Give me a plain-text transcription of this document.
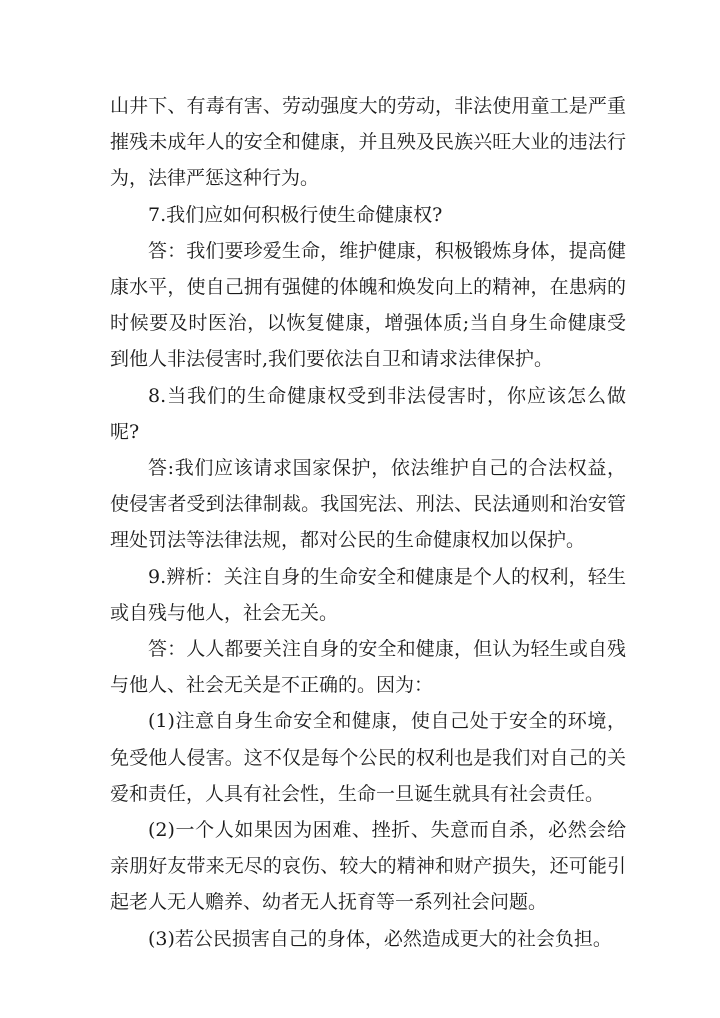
山井下、有毒有害、劳动强度大的劳动，非法使用童工是严重摧残未成年人的安全和健康，并且殃及民族兴旺大业的违法行为，法律严惩这种行为。

7.我们应如何积极行使生命健康权?

答：我们要珍爱生命，维护健康，积极锻炼身体，提高健康水平，使自己拥有强健的体魄和焕发向上的精神，在患病的时候要及时医治，以恢复健康，增强体质;当自身生命健康受到他人非法侵害时,我们要依法自卫和请求法律保护。

8.当我们的生命健康权受到非法侵害时，你应该怎么做呢?

答:我们应该请求国家保护，依法维护自己的合法权益，使侵害者受到法律制裁。我国宪法、刑法、民法通则和治安管理处罚法等法律法规，都对公民的生命健康权加以保护。

9.辨析：关注自身的生命安全和健康是个人的权利，轻生或自残与他人，社会无关。

答：人人都要关注自身的安全和健康，但认为轻生或自残与他人、社会无关是不正确的。因为：

(1)注意自身生命安全和健康，使自己处于安全的环境，免受他人侵害。这不仅是每个公民的权利也是我们对自己的关爱和责任，人具有社会性，生命一旦诞生就具有社会责任。

(2)一个人如果因为困难、挫折、失意而自杀，必然会给亲朋好友带来无尽的哀伤、较大的精神和财产损失，还可能引起老人无人赡养、幼者无人抚育等一系列社会问题。

(3)若公民损害自己的身体，必然造成更大的社会负担。
